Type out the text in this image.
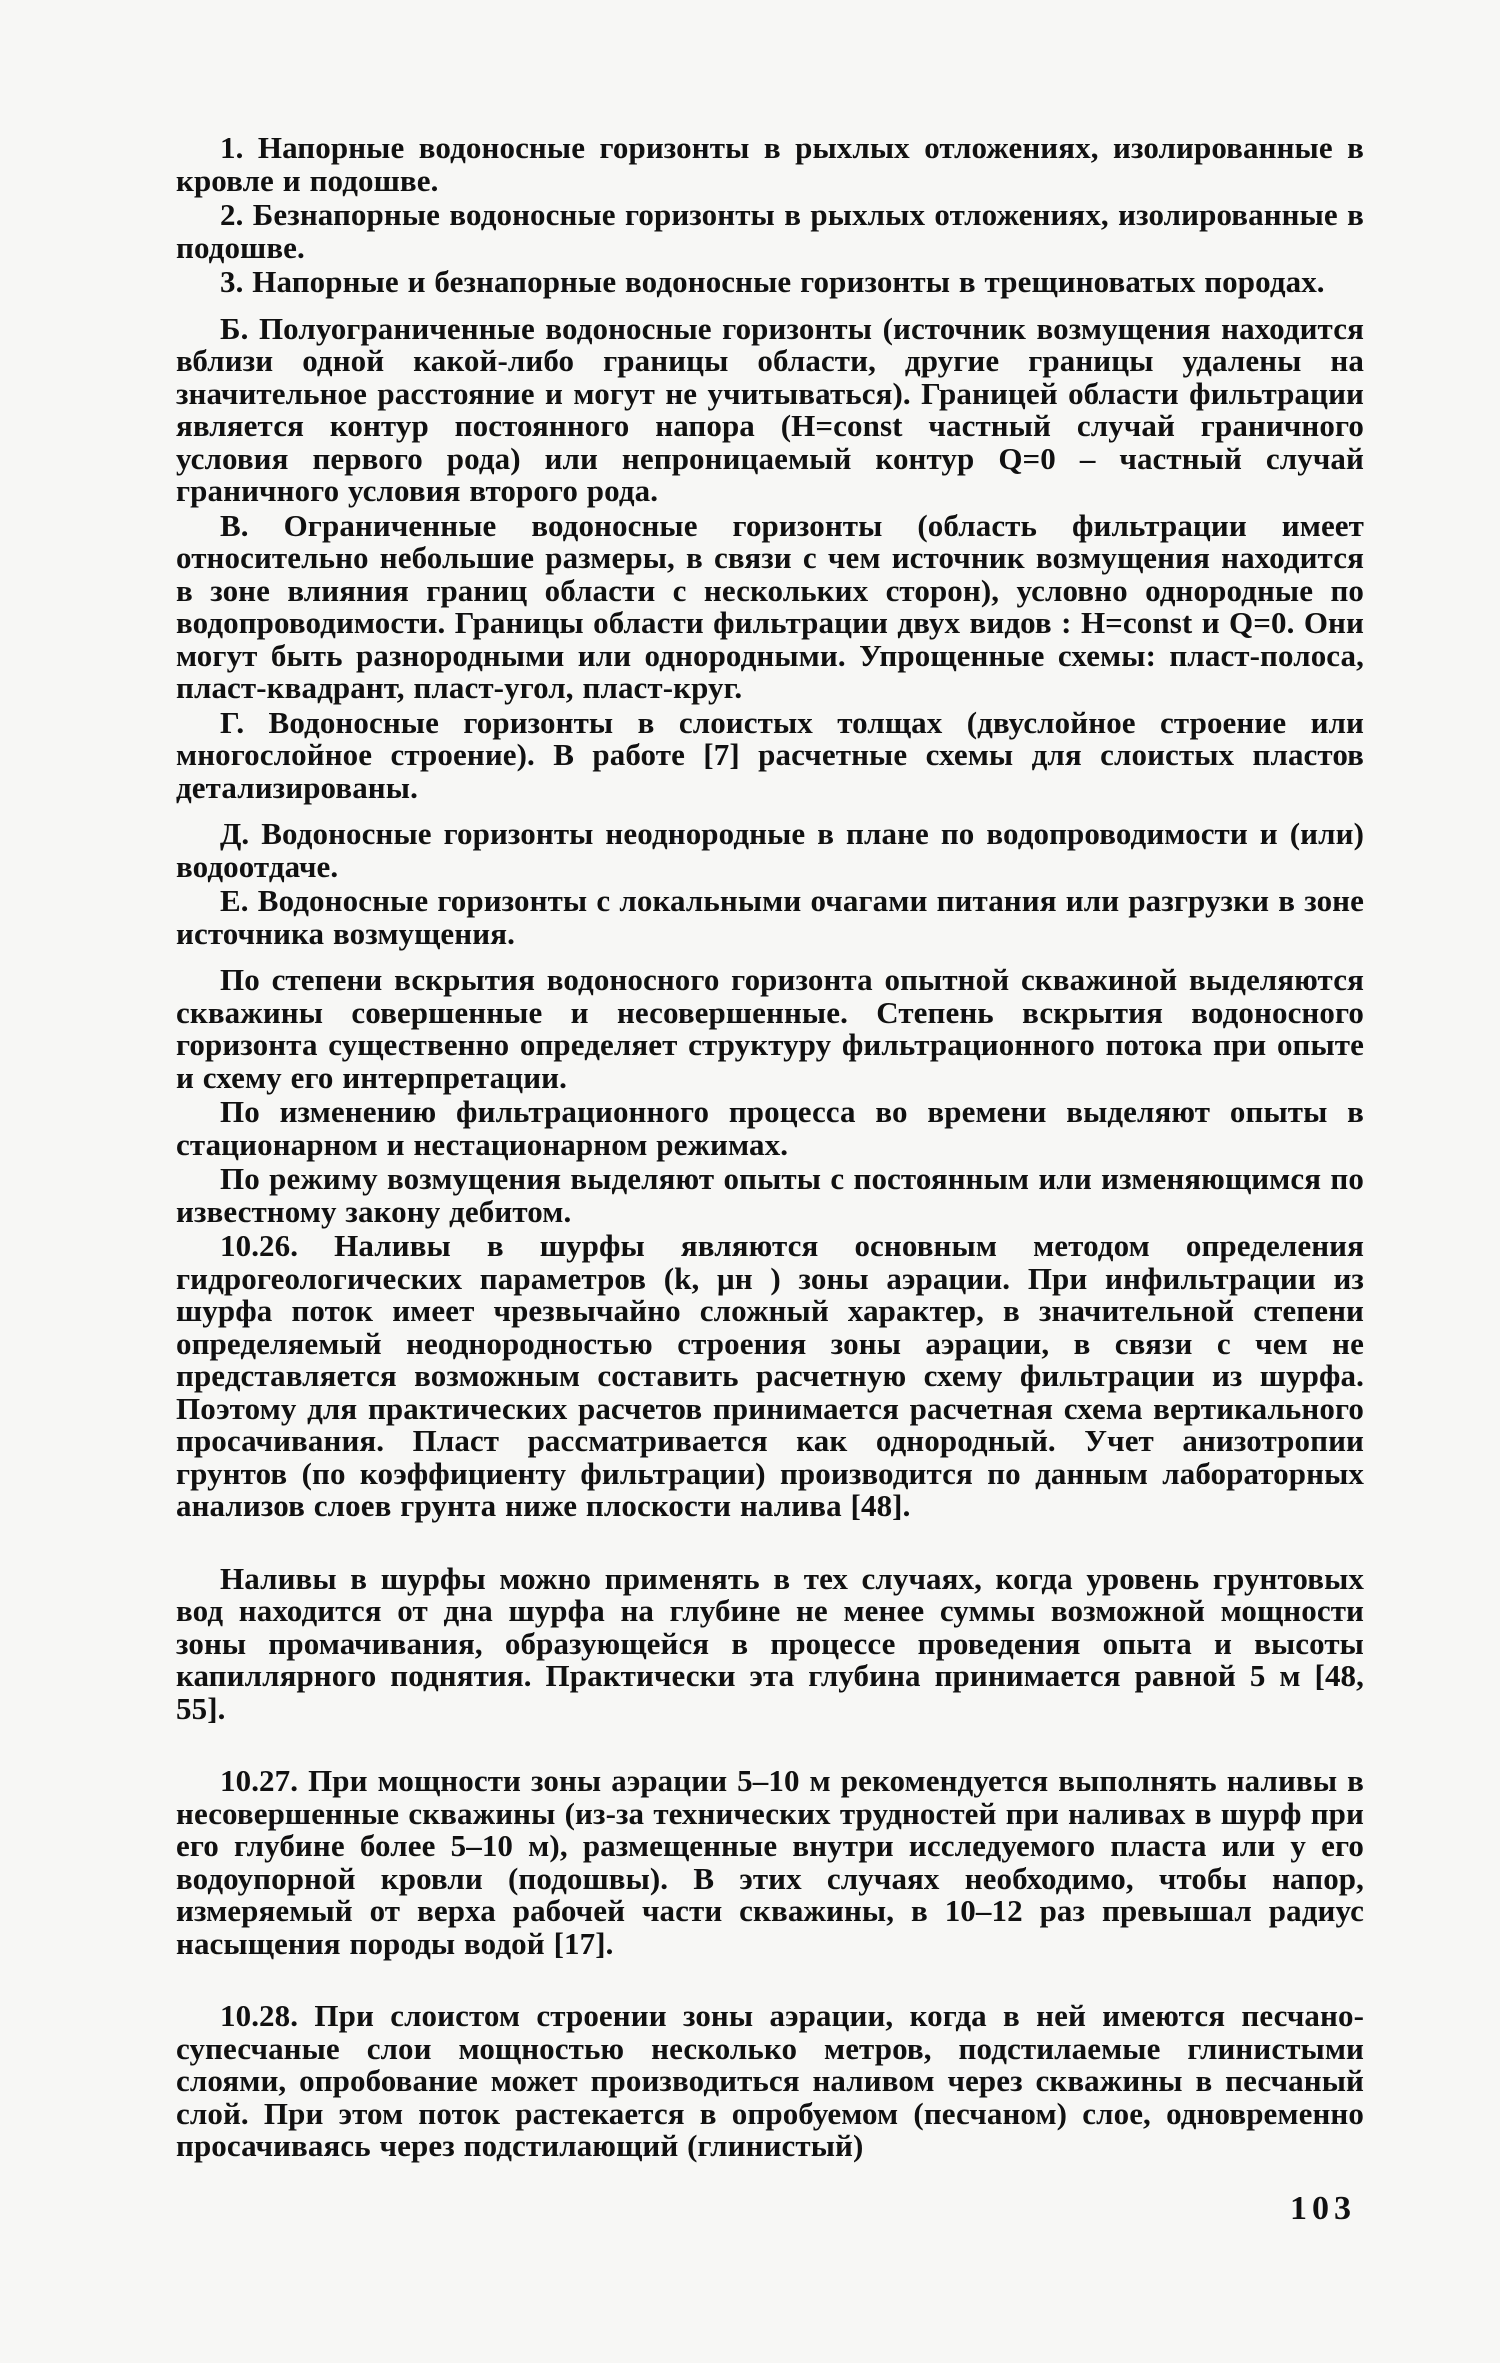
1. Напорные водоносные горизонты в рыхлых отложениях, изолированные в кровле и подошве.

2. Безнапорные водоносные горизонты в рыхлых отложениях, изолированные в подошве.

3. Напорные и безнапорные водоносные горизонты в трещиноватых породах.

Б. Полуограниченные водоносные горизонты (источник возмущения находится вблизи одной какой-либо границы области, другие границы удалены на значительное расстояние и могут не учитываться). Границей области фильтрации является контур постоянного напора (H=const частный случай граничного условия первого рода) или непроницаемый контур Q=0 – частный случай граничного условия второго рода.

В. Ограниченные водоносные горизонты (область фильтрации имеет относительно небольшие размеры, в связи с чем источник возмущения находится в зоне влияния границ области с нескольких сторон), условно однородные по водопроводимости. Границы области фильтрации двух видов : H=const и Q=0. Они могут быть разнородными или однородными. Упрощенные схемы: пласт-полоса, пласт-квадрант, пласт-угол, пласт-круг.

Г. Водоносные горизонты в слоистых толщах (двуслойное строение или многослойное строение). В работе [7] расчетные схемы для слоистых пластов детализированы.

Д. Водоносные горизонты неоднородные в плане по водопроводимости и (или) водоотдаче.

Е. Водоносные горизонты с локальными очагами питания или разгрузки в зоне источника возмущения.

По степени вскрытия водоносного горизонта опытной скважиной выделяются скважины совершенные и несовершенные. Степень вскрытия водоносного горизонта существенно определяет структуру фильтрационного потока при опыте и схему его интерпретации.

По изменению фильтрационного процесса во времени выделяют опыты в стационарном и нестационарном режимах.

По режиму возмущения выделяют опыты с постоянным или изменяющимся по известному закону дебитом.

10.26. Наливы в шурфы являются основным методом определения гидрогеологических параметров (k, μн ) зоны аэрации. При инфильтрации из шурфа поток имеет чрезвычайно сложный характер, в значительной степени определяемый неоднородностью строения зоны аэрации, в связи с чем не представляется возможным составить расчетную схему фильтрации из шурфа. Поэтому для практических расчетов принимается расчетная схема вертикального просачивания. Пласт рассматривается как однородный. Учет анизотропии грунтов (по коэффициенту фильтрации) производится по данным лабораторных анализов слоев грунта ниже плоскости налива [48].

Наливы в шурфы можно применять в тех случаях, когда уровень грунтовых вод находится от дна шурфа на глубине не менее суммы возможной мощности зоны промачивания, образующейся в процессе проведения опыта и высоты капиллярного поднятия. Практически эта глубина принимается равной 5 м [48, 55].

10.27. При мощности зоны аэрации 5–10 м рекомендуется выполнять наливы в несовершенные скважины (из-за технических трудностей при наливах в шурф при его глубине более 5–10 м), размещенные внутри исследуемого пласта или у его водоупорной кровли (подошвы). В этих случаях необходимо, чтобы напор, измеряемый от верха рабочей части скважины, в 10–12 раз превышал радиус насыщения породы водой [17].

10.28. При слоистом строении зоны аэрации, когда в ней имеются песчано-супесчаные слои мощностью несколько метров, подстилаемые глинистыми слоями, опробование может производиться наливом через скважины в песчаный слой. При этом поток растекается в опробуемом (песчаном) слое, одновременно просачиваясь через подстилающий (глинистый)

103
